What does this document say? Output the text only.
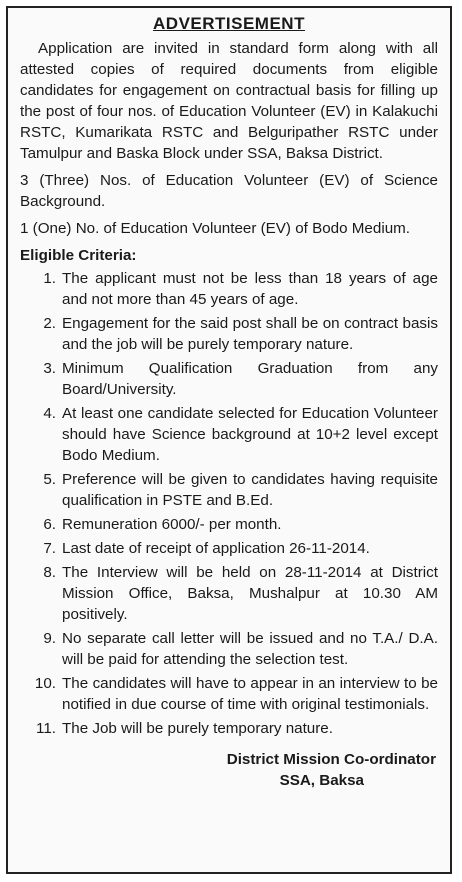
ADVERTISEMENT

Application are invited in standard form along with all attested copies of required documents from eligible candidates for engagement on contractual basis for filling up the post of four nos. of Education Volunteer (EV) in Kalakuchi RSTC, Kumarikata RSTC and Belguripather RSTC under Tamulpur and Baska Block under SSA, Baksa District.

3 (Three) Nos. of Education Volunteer (EV) of Science Background.

1 (One) No. of Education Volunteer (EV) of Bodo Medium.

Eligible Criteria:
1. The applicant must not be less than 18 years of age and not more than 45 years of age.
2. Engagement for the said post shall be on contract basis and the job will be purely temporary nature.
3. Minimum Qualification Graduation from any Board/University.
4. At least one candidate selected for Education Volunteer should have Science background at 10+2 level except Bodo Medium.
5. Preference will be given to candidates having requisite qualification in PSTE and B.Ed.
6. Remuneration 6000/- per month.
7. Last date of receipt of application 26-11-2014.
8. The Interview will be held on 28-11-2014 at District Mission Office, Baksa, Mushalpur at 10.30 AM positively.
9. No separate call letter will be issued and no T.A./ D.A. will be paid for attending the selection test.
10. The candidates will have to appear in an interview to be notified in due course of time with original testimonials.
11. The Job will be purely temporary nature.
District Mission Co-ordinator
SSA, Baksa
